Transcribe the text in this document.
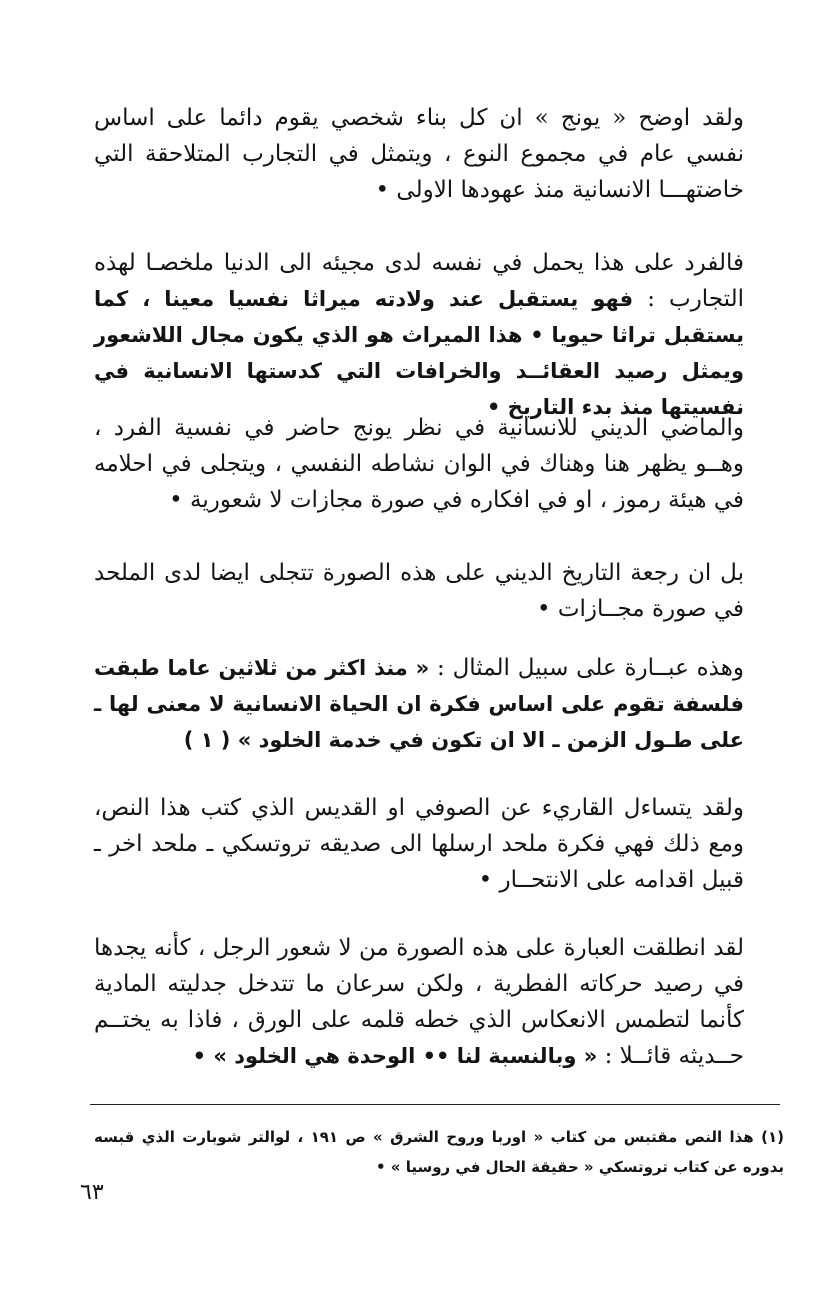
ولقد اوضح « يونج » ان كل بناء شخصي يقوم دائما على اساس نفسي عام في مجموع النوع ، ويتمثل في التجارب المتلاحقة التي خاضتهـــا الانسانية منذ عهودها الاولى •

فالفرد على هذا يحمل في نفسه لدى مجيئه الى الدنيا ملخصـا لهذه التجارب : فهو يستقبل عند ولادته ميراثا نفسيا معينا ، كما يستقبل تراثا حيويا • هذا الميراث هو الذي يكون مجال اللاشعور ويمثل رصيد العقائــد والخرافات التي كدستها الانسانية في نفسيتها منذ بدء التاريخ •

والماضي الديني للانسانية في نظر يونج حاضر في نفسية الفرد ، وهــو يظهر هنا وهناك في الوان نشاطه النفسي ، ويتجلى في احلامه في هيئة رموز ، او في افكاره في صورة مجازات لا شعورية •

بل ان رجعة التاريخ الديني على هذه الصورة تتجلى ايضا لدى الملحد في صورة مجــازات •

وهذه عبــارة على سبيل المثال : « منذ اكثر من ثلاثين عاما طبقت فلسفة تقوم على اساس فكرة ان الحياة الانسانية لا معنى لها ـ على طـول الزمن ـ الا ان تكون في خدمة الخلود » ( ١ )

ولقد يتساءل القاريء عن الصوفي او القديس الذي كتب هذا النص، ومع ذلك فهي فكرة ملحد ارسلها الى صديقه تروتسكي ـ ملحد اخر ـ قبيل اقدامه على الانتحــار •

لقد انطلقت العبارة على هذه الصورة من لا شعور الرجل ، كأنه يجدها في رصيد حركاته الفطرية ، ولكن سرعان ما تتدخل جدليته المادية كأنما لتطمس الانعكاس الذي خطه قلمه على الورق ، فاذا به يختــم حــديثه قائــلا : « وبالنسبة لنا •• الوحدة هي الخلود » •

(١) هذا النص مقتبس من كتاب « اوربا وروح الشرق » ص ١٩١ ، لوالتر شوبارت الذي قبسه بدوره عن كتاب تروتسكي « حقيقة الحال في روسيا » •

٦٣
